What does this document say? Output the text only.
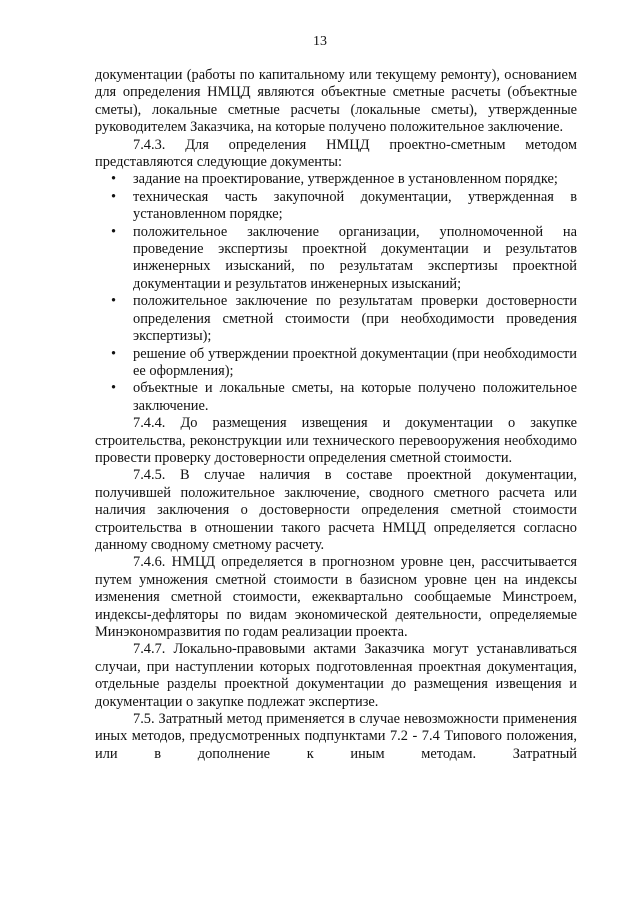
13

документации (работы по капитальному или текущему ремонту), основанием для определения НМЦД являются объектные сметные расчеты (объектные сметы), локальные сметные расчеты (локальные сметы), утвержденные руководителем Заказчика, на которые получено положительное заключение.

7.4.3. Для определения НМЦД проектно-сметным методом представляются следующие документы:

•	задание на проектирование, утвержденное в установленном порядке;
•	техническая часть закупочной документации, утвержденная в установленном порядке;
•	положительное заключение организации, уполномоченной на проведение экспертизы проектной документации и результатов инженерных изысканий, по результатам экспертизы проектной документации и результатов инженерных изысканий;
•	положительное заключение по результатам проверки достоверности определения сметной стоимости (при необходимости проведения экспертизы);
•	решение об утверждении проектной документации (при необходимости ее оформления);
•	объектные и локальные сметы, на которые получено положительное заключение.

7.4.4. До размещения извещения и документации о закупке строительства, реконструкции или технического перевооружения необходимо провести проверку достоверности определения сметной стоимости.

7.4.5. В случае наличия в составе проектной документации, получившей положительное заключение, сводного сметного расчета или наличия заключения о достоверности определения сметной стоимости строительства в отношении такого расчета НМЦД определяется согласно данному сводному сметному расчету.

7.4.6. НМЦД определяется в прогнозном уровне цен, рассчитывается путем умножения сметной стоимости в базисном уровне цен на индексы изменения сметной стоимости, ежеквартально сообщаемые Минстроем, индексы-дефляторы по видам экономической деятельности, определяемые Минэкономразвития по годам реализации проекта.

7.4.7. Локально-правовыми актами Заказчика могут устанавливаться случаи, при наступлении которых подготовленная проектная документация, отдельные разделы проектной документации до размещения извещения и документации о закупке подлежат экспертизе.

7.5. Затратный метод применяется в случае невозможности применения иных методов, предусмотренных подпунктами 7.2 - 7.4 Типового положения, или в дополнение к иным методам. Затратный
